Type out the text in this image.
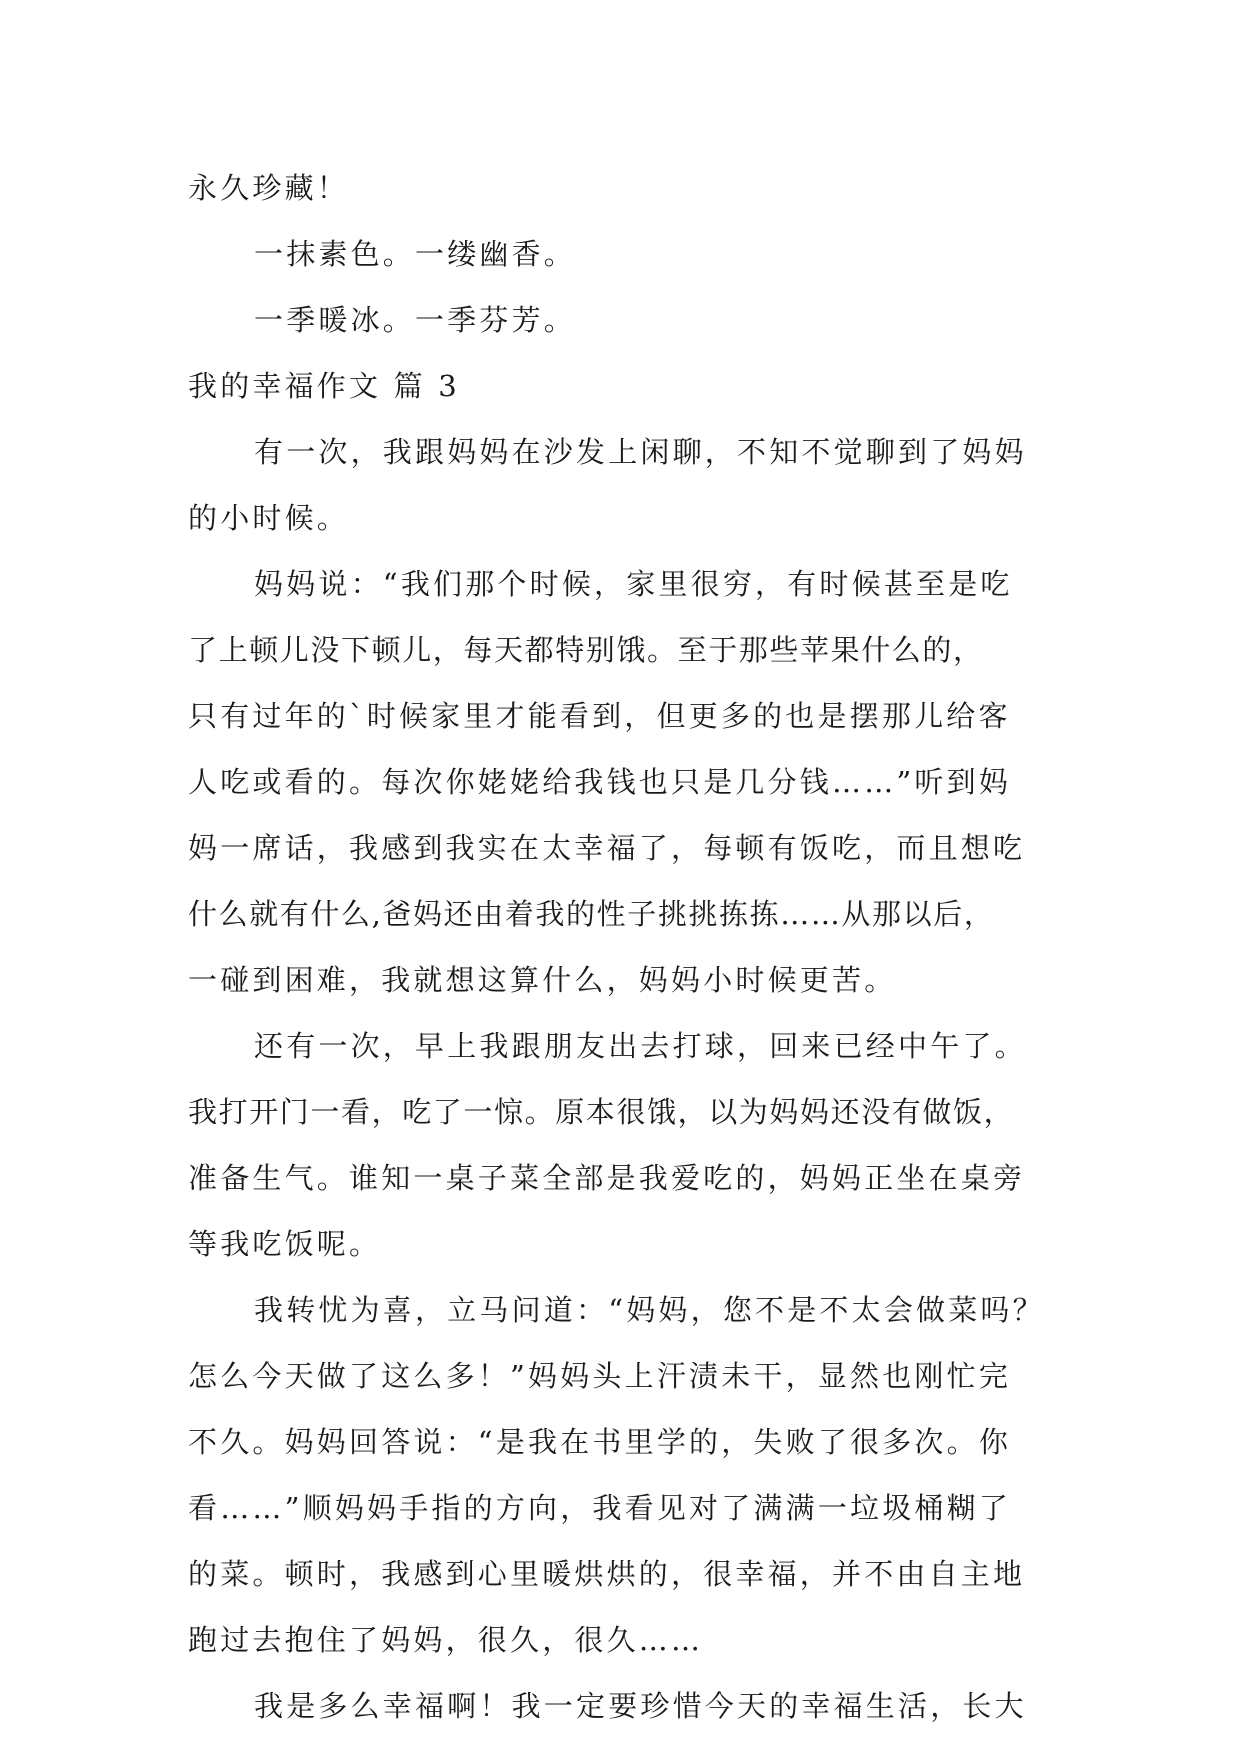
永久珍藏！
一抹素色。一缕幽香。
一季暖冰。一季芬芳。
我的幸福作文 篇 3
有一次，我跟妈妈在沙发上闲聊，不知不觉聊到了妈妈
的小时候。
妈妈说：“我们那个时候，家里很穷，有时候甚至是吃
了上顿儿没下顿儿，每天都特别饿。至于那些苹果什么的，
只有过年的`时候家里才能看到，但更多的也是摆那儿给客
人吃或看的。每次你姥姥给我钱也只是几分钱……”听到妈
妈一席话，我感到我实在太幸福了，每顿有饭吃，而且想吃
什么就有什么,爸妈还由着我的性子挑挑拣拣……从那以后，
一碰到困难，我就想这算什么，妈妈小时候更苦。
还有一次，早上我跟朋友出去打球，回来已经中午了。
我打开门一看，吃了一惊。原本很饿，以为妈妈还没有做饭，
准备生气。谁知一桌子菜全部是我爱吃的，妈妈正坐在桌旁
等我吃饭呢。
我转忧为喜，立马问道：“妈妈，您不是不太会做菜吗？
怎么今天做了这么多！”妈妈头上汗渍未干，显然也刚忙完
不久。妈妈回答说：“是我在书里学的，失败了很多次。你
看……”顺妈妈手指的方向，我看见对了满满一垃圾桶糊了
的菜。顿时，我感到心里暖烘烘的，很幸福，并不由自主地
跑过去抱住了妈妈，很久，很久……
我是多么幸福啊！我一定要珍惜今天的幸福生活，长大
